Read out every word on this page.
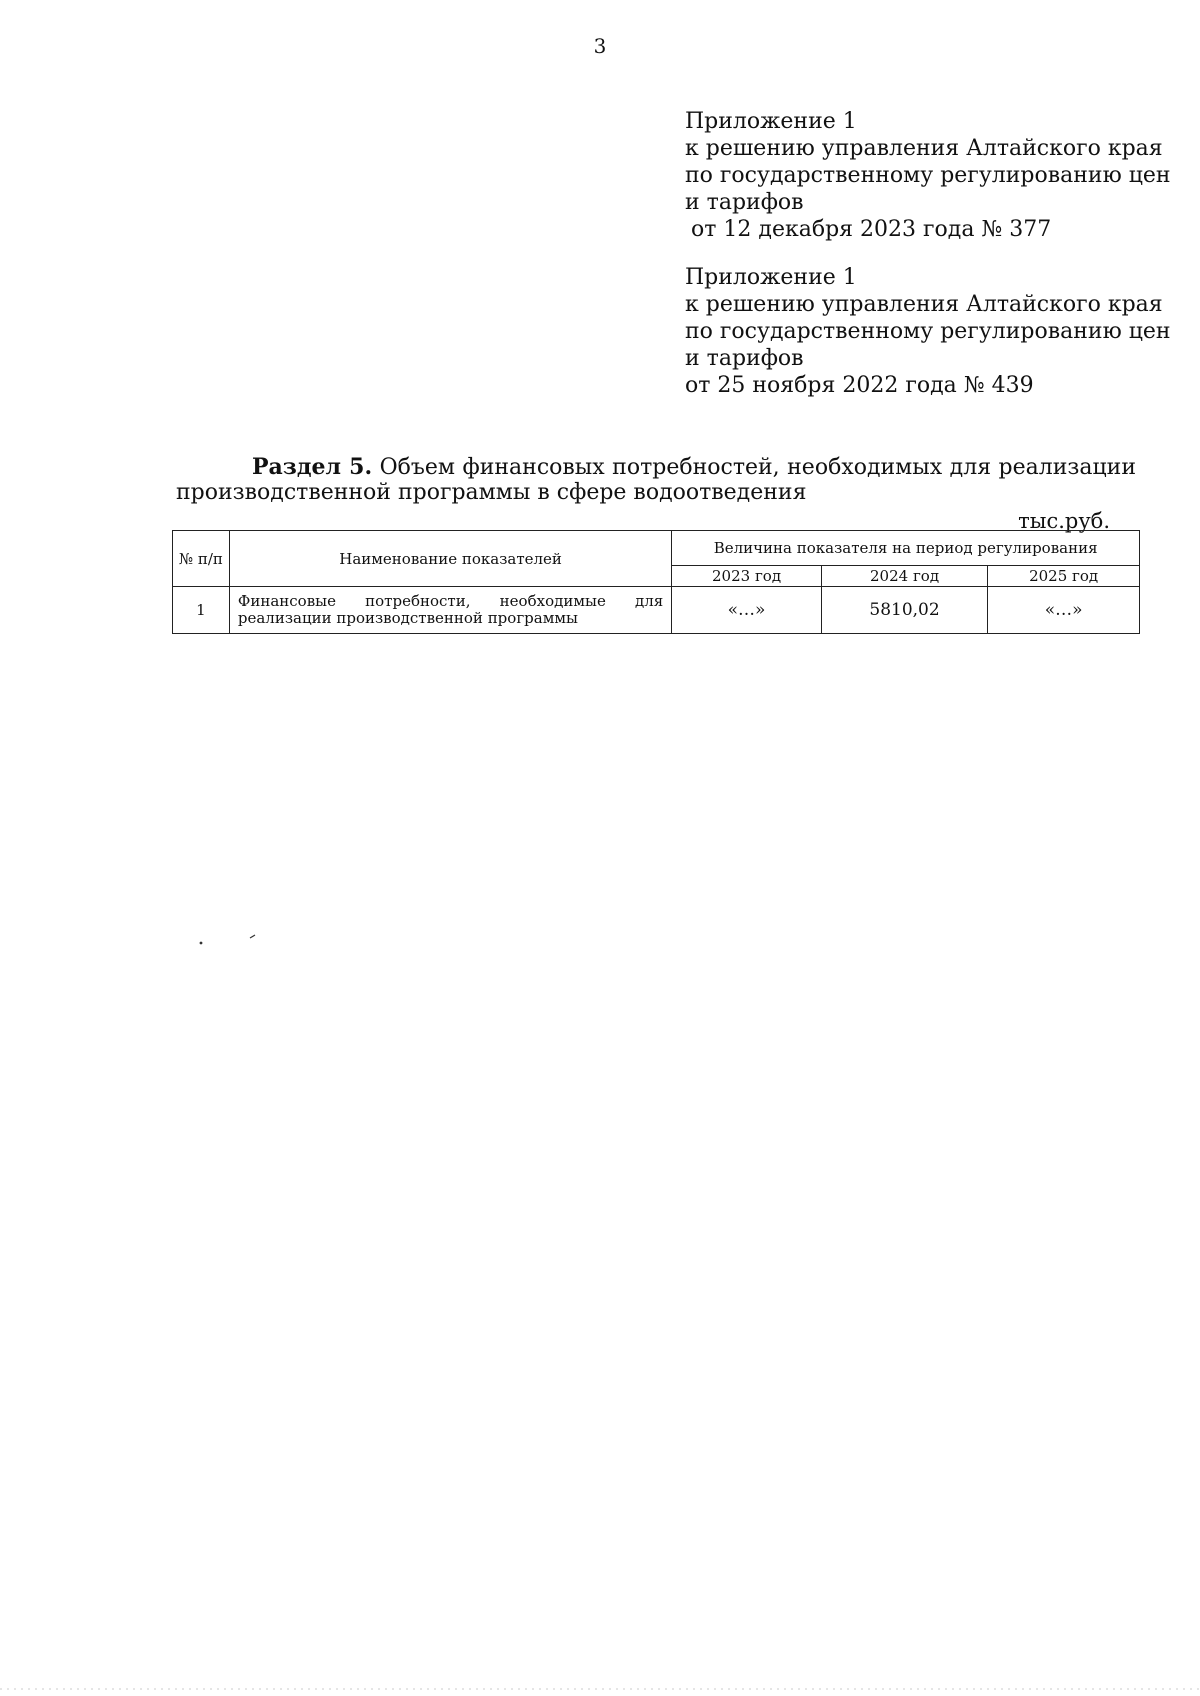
3
Приложение 1
к решению управления Алтайского края
по государственному регулированию цен
и тарифов
от 12 декабря 2023 года № 377
Приложение 1
к решению управления Алтайского края
по государственному регулированию цен
и тарифов
от 25 ноября 2022 года № 439
Раздел 5. Объем финансовых потребностей, необходимых для реализации
производственной программы в сфере водоотведения
тыс.руб.
№ п/п	Наименование показателей	Величина показателя на период регулирования		
		2023 год	2024 год	2025 год
1	Финансовые потребности, необходимые для реализации производственной программы	«…»	5810,02	«…»
